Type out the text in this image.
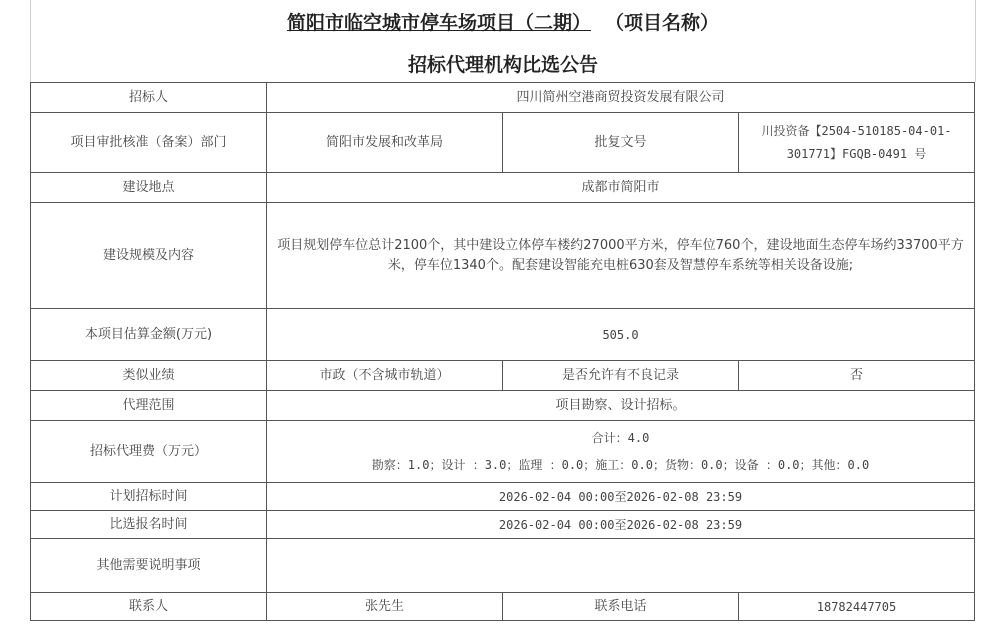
简阳市临空城市停车场项目（二期） （项目名称）
招标代理机构比选公告
招标人	四川简州空港商贸投资发展有限公司		
项目审批核准（备案）部门	简阳市发展和改革局	批复文号	川投资备【2504-510185-04-01-301771】FGQB-0491 号
建设地点	成都市简阳市		
建设规模及内容	项目规划停车位总计2100个，其中建设立体停车楼约27000平方米，停车位760个，建设地面生态停车场约33700平方米，停车位1340个。配套建设智能充电桩630套及智慧停车系统等相关设备设施;		
本项目估算金额(万元)	505.0		
类似业绩	市政（不含城市轨道）	是否允许有不良记录	否
代理范围	项目勘察、设计招标。		
招标代理费（万元）	合计：4.0
勘察：1.0；设计 ：3.0；监理 ：0.0；施工：0.0；货物：0.0；设备 ：0.0；其他：0.0		

计划招标时间	2026-02-04 00:00至2026-02-08 23:59		
比选报名时间	2026-02-04 00:00至2026-02-08 23:59		
其他需要说明事项			
联系人	张先生	联系电话	18782447705
